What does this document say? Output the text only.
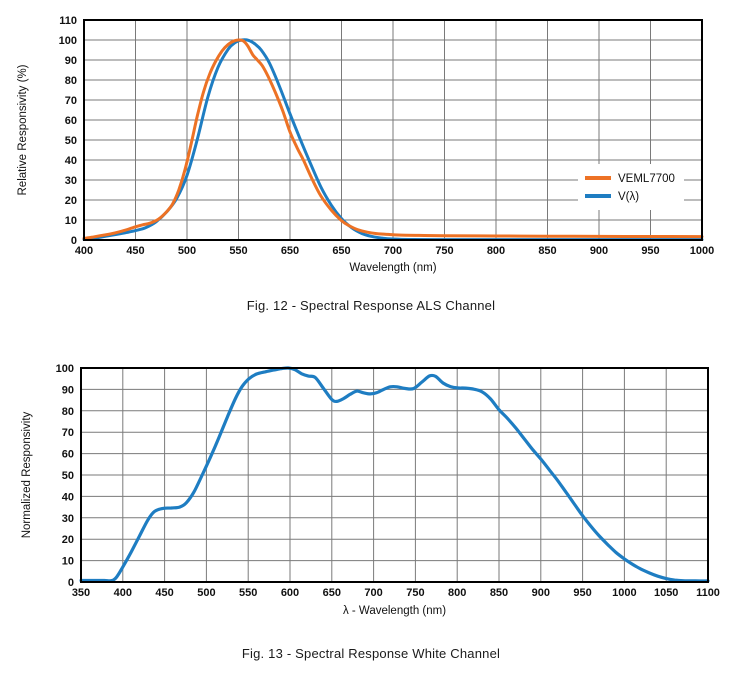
VEML7700
V(λ)
400	450	500	550	650	650	700	750	800	850	900	950	1000
0
10
20
30
40
50
60
70
80
90
100
110
Wavelength (nm)
Relative Responsivity (%)
Fig. 12 - Spectral Response ALS Channel
350 400 450 500 550 600 650 700 750 800 850 900 950 1000 1050 1100
0
10
20
30
40
50
60
70
80
90
100
λ - Wavelength (nm)
Normalized Responsivity
Fig. 13 - Spectral Response White Channel
